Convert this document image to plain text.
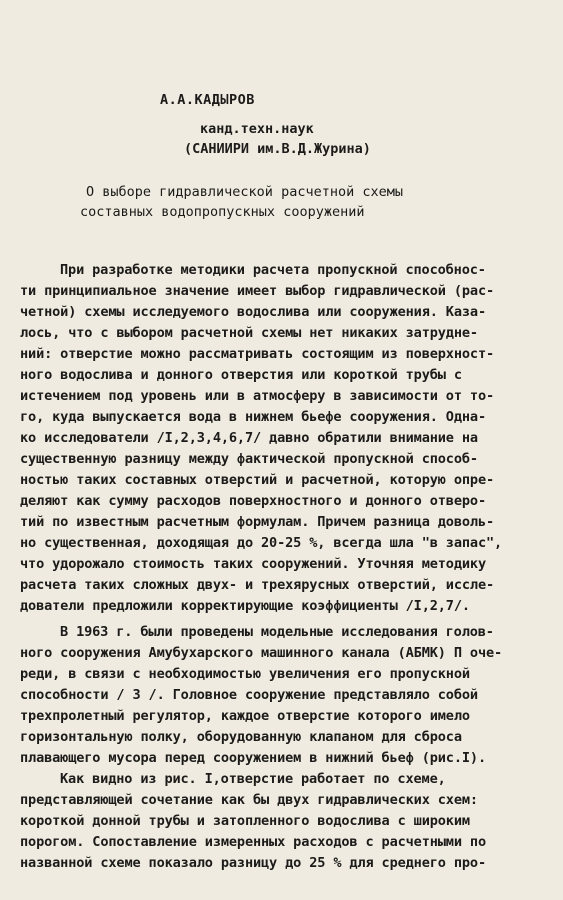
А.А.КАДЫРОВ
канд.техн.наук
(САНИИРИ им.В.Д.Журина)
О выборе гидравлической расчетной схемы
составных водопропускных сооружений
При разработке методики расчета пропускной способнос-
ти принципиальное значение имеет выбор гидравлической (рас-
четной) схемы исследуемого водослива или сооружения. Каза-
лось, что с выбором расчетной схемы нет никаких затрудне-
ний: отверстие можно рассматривать состоящим из поверхност-
ного водослива и донного отверстия или короткой трубы с
истечением под уровень или в атмосферу в зависимости от то-
го, куда выпускается вода в нижнем бьефе сооружения. Одна-
ко исследователи /I,2,3,4,6,7/ давно обратили внимание на
существенную разницу между фактической пропускной способ-
ностью таких составных отверстий и расчетной, которую опре-
деляют как сумму расходов поверхностного и донного отверо-
тий по известным расчетным формулам. Причем разница доволь-
но существенная, доходящая до 20-25 %, всегда шла "в запас",
что удорожало стоимость таких сооружений. Уточняя методику
расчета таких сложных двух- и трехярусных отверстий, иссле-
дователи предложили корректирующие коэффициенты /I,2,7/.
В 1963 г. были проведены модельные исследования голов-
ного сооружения Амубухарского машинного канала (АБМК) П оче-
реди, в связи с необходимостью увеличения его пропускной
способности / 3 /. Головное сооружение представляло собой
трехпролетный регулятор, каждое отверстие которого имело
горизонтальную полку, оборудованную клапаном для сброса
плавающего мусора перед сооружением в нижний бьеф (рис.I).
Как видно из рис. I,отверстие работает по схеме,
представляющей сочетание как бы двух гидравлических схем:
короткой донной трубы и затопленного водослива с широким
порогом. Сопоставление измеренных расходов с расчетными по
названной схеме показало разницу до 25 % для среднего про-
